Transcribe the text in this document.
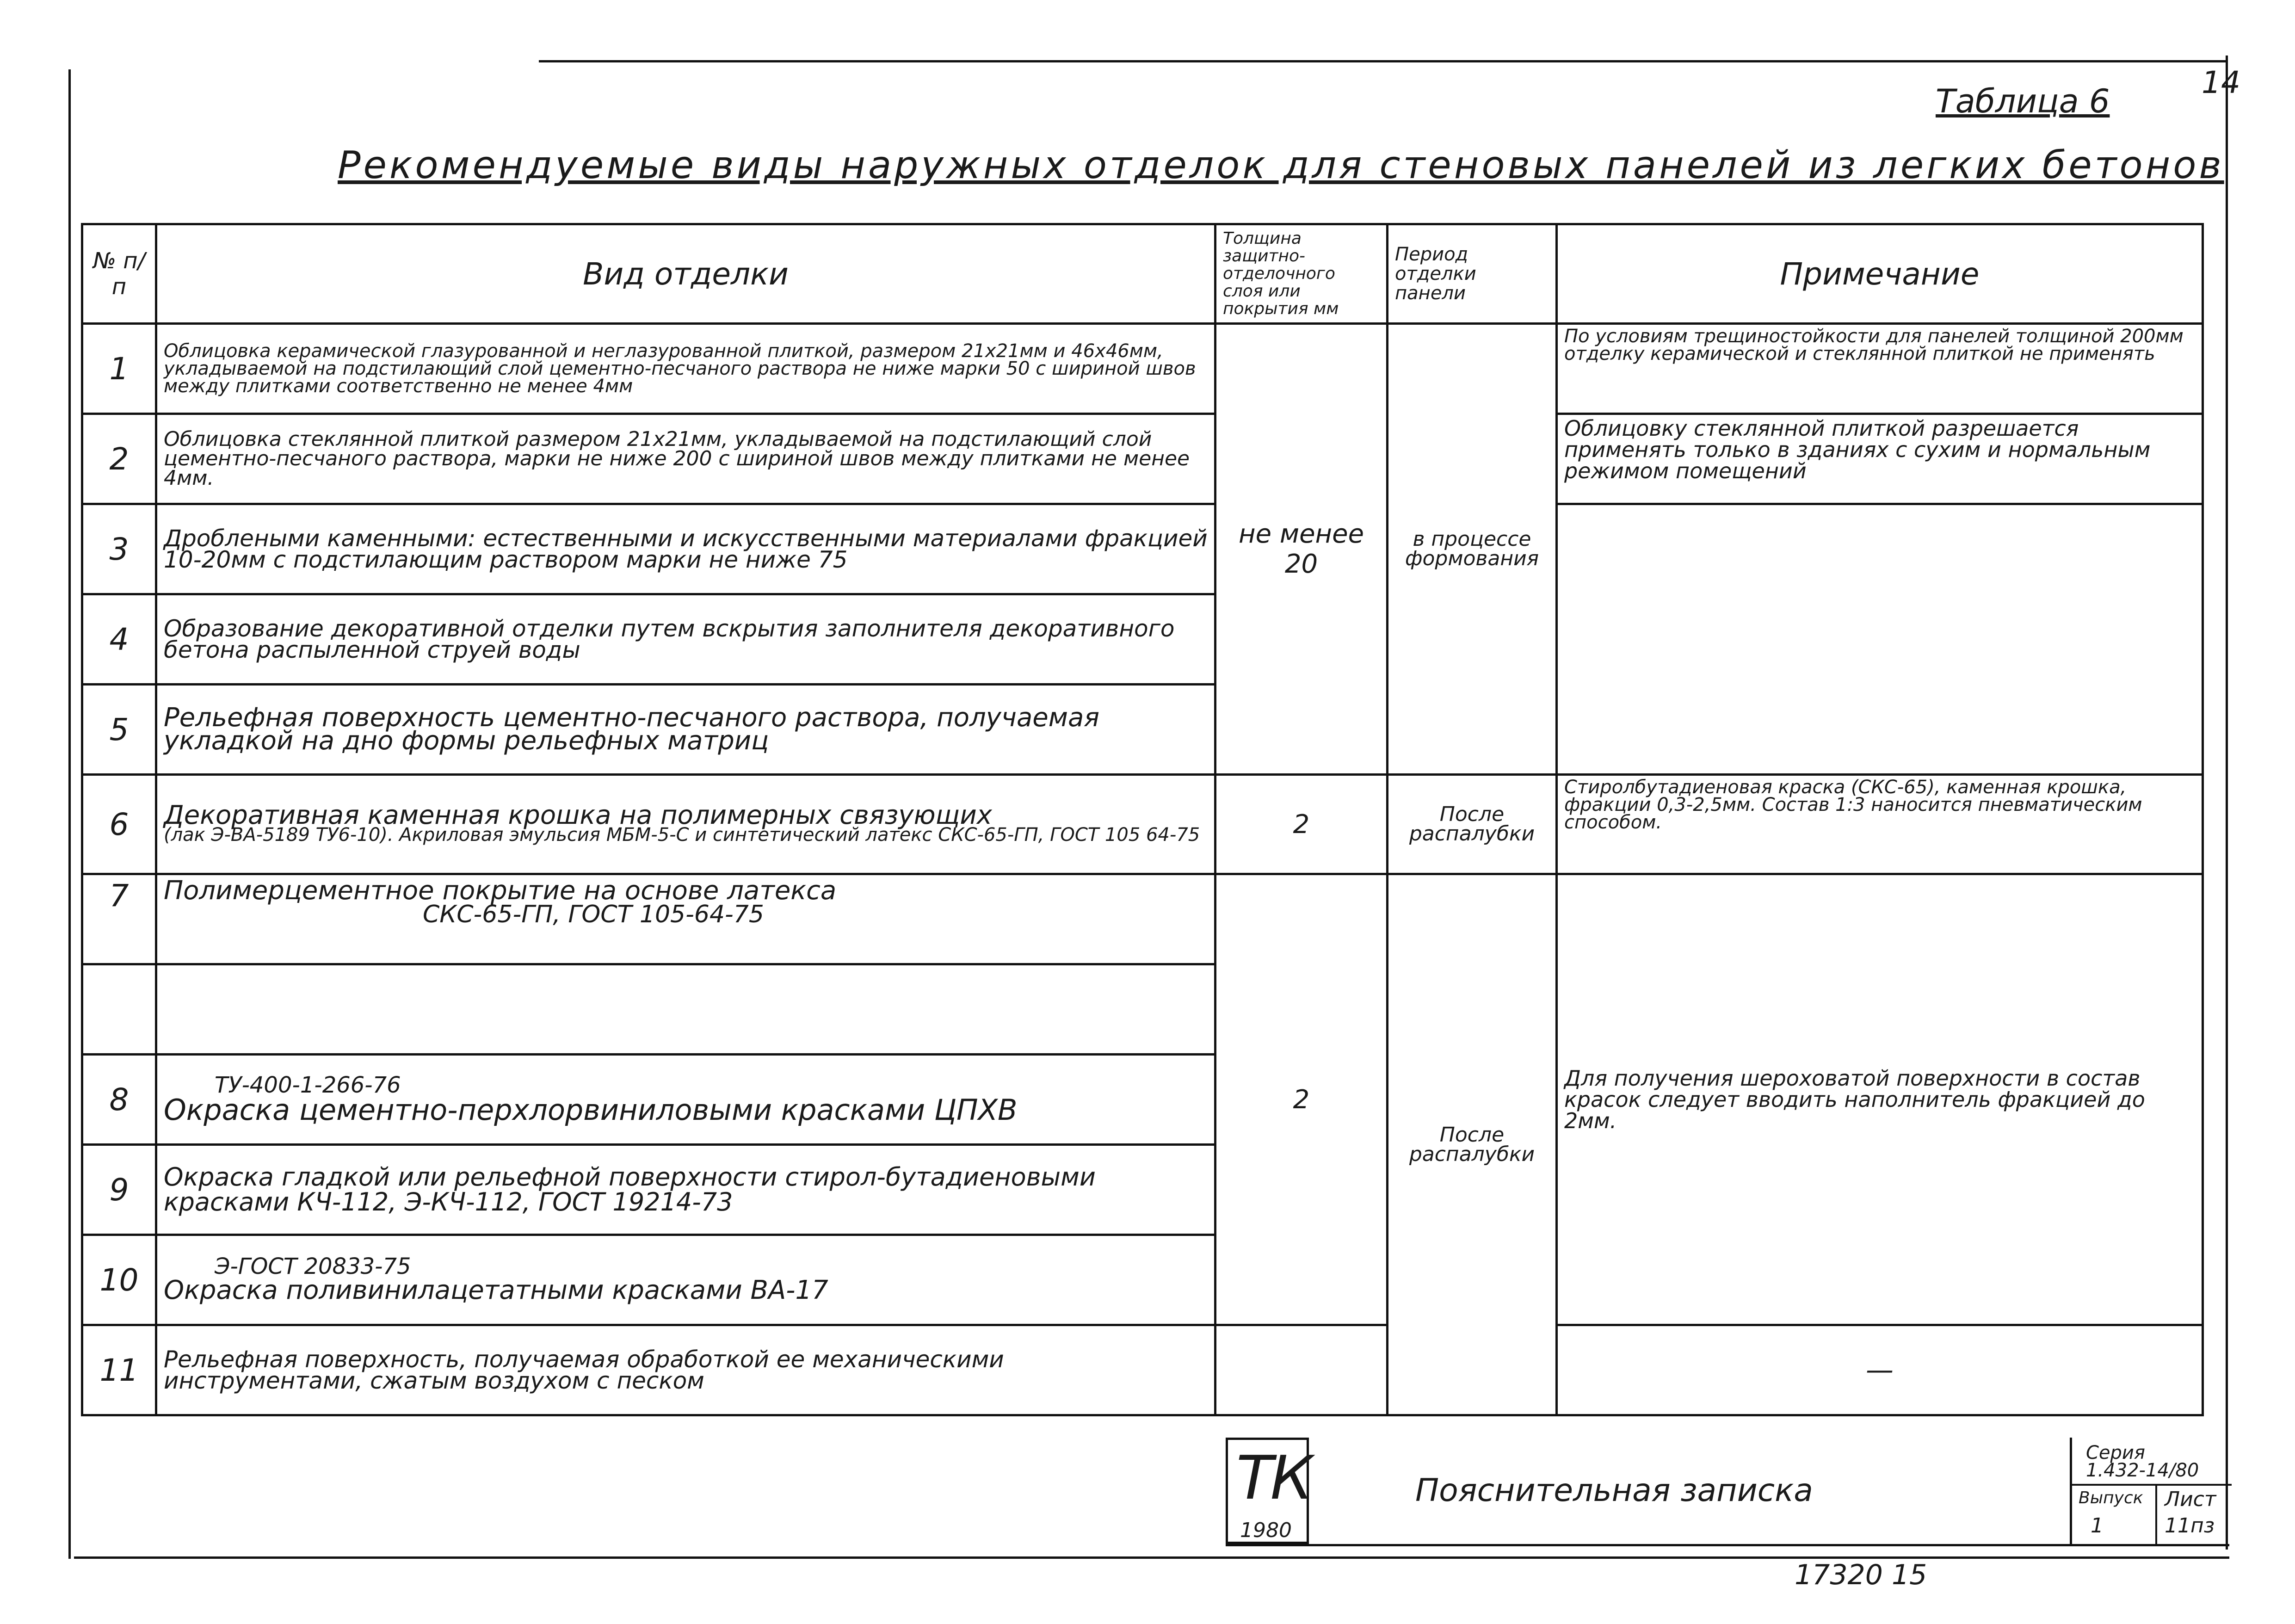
14
Таблица 6
Рекомендуемые виды наружных отделок для стеновых панелей из легких бетонов
№ п/п	Вид отделки	Толщина защитно-отделочного слоя или покрытия мм	Период отделки панели	Примечание
1	Облицовка керамической глазурованной и неглазурованной плиткой, размером 21х21мм и 46х46мм, укладываемой на подстилающий слой цементно-песчаного раствора не ниже марки 50 с шириной швов между плитками соответственно не менее 4мм	не менее 20	в процессе формования	По условиям трещиностойкости для панелей толщиной 200мм отделку керамической и стеклянной плиткой не применять
2	Облицовка стеклянной плиткой размером 21х21мм, укладываемой на подстилающий слой цементно-песчаного раствора, марки не ниже 200 с шириной швов между плитками не менее 4мм.			Облицовку стеклянной плиткой разрешается применять только в зданиях с сухим и нормальным режимом помещений
3	Дроблеными каменными: естественными и искусственными материалами фракцией 10-20мм с подстилающим раствором марки не ниже 75			
4	Образование декоративной отделки путем вскрытия заполнителя декоративного бетона распыленной струей воды			
5	Рельефная поверхность цементно-песчаного раствора, получаемая укладкой на дно формы рельефных матриц			
6	Декоративная каменная крошка на полимерных связующих
(лак Э-ВА-5189 ТУ6-10). Акриловая эмульсия МБМ-5-С и синтетический латекс СКС-65-ГП, ГОСТ 105 64-75	2	После распалубки	Стиролбутадиеновая краска (СКС-65), каменная крошка, фракции 0,3-2,5мм. Состав 1:3 наносится пневматическим способом.
7	Полимерцементное покрытие на основе латекса
СКС-65-ГП, ГОСТ 105-64-75	2	После распалубки	Для получения шероховатой поверхности в состав красок следует вводить наполнитель фракцией до 2мм.

8	ТУ-400-1-266-76
Окраска цементно-перхлорвиниловыми красками ЦПХВ			

9	Окраска гладкой или рельефной поверхности стирол-бутадиеновыми красками КЧ-112, Э-КЧ-112, ГОСТ 19214-73			
10	Э-ГОСТ 20833-75
Окраска поливинилацетатными красками ВА-17			

11	Рельефная поверхность, получаемая обработкой ее механическими инструментами, сжатым воздухом с песком			—
ТК
1980
Пояснительная записка
Серия
1.432-14/80
Выпуск
1
Лист
11пз
17320 15
